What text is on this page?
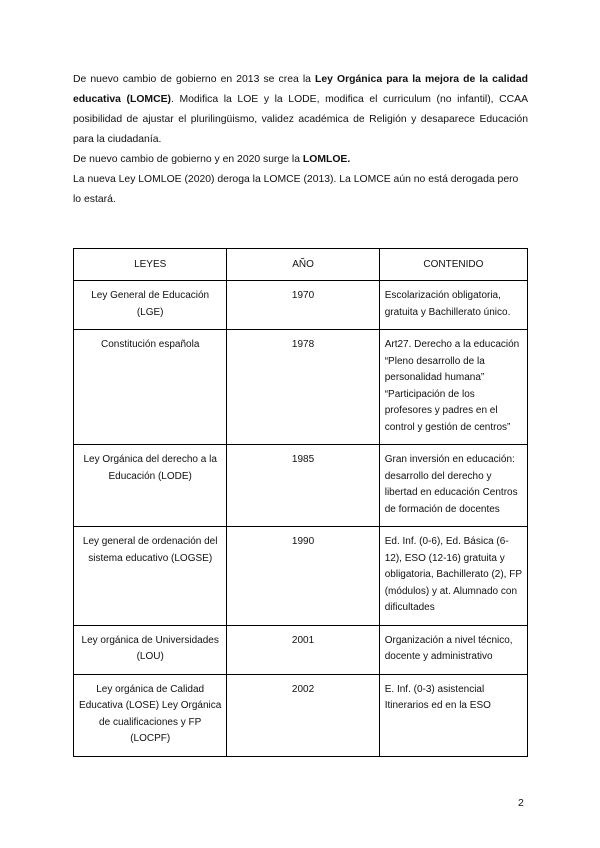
De nuevo cambio de gobierno en 2013 se crea la Ley Orgánica para la mejora de la calidad educativa (LOMCE). Modifica la LOE y la LODE, modifica el curriculum (no infantil), CCAA posibilidad de ajustar el plurilingüismo, validez académica de Religión y desaparece Educación para la ciudadanía.

De nuevo cambio de gobierno y en 2020 surge la LOMLOE.

La nueva Ley LOMLOE (2020) deroga la LOMCE (2013). La LOMCE aún no está derogada pero lo estará.

LEYES	AÑO	CONTENIDO
Ley General de Educación (LGE)	1970	Escolarización obligatoria, gratuita y Bachillerato único.
Constitución española	1978	Art27. Derecho a la educación “Pleno desarrollo de la personalidad humana” “Participación de los profesores y padres en el control y gestión de centros”
Ley Orgánica del derecho a la Educación (LODE)	1985	Gran inversión en educación: desarrollo del derecho y libertad en educación Centros de formación de docentes
Ley general de ordenación del sistema educativo (LOGSE)	1990	Ed. Inf. (0-6), Ed. Básica (6-12), ESO (12-16) gratuita y obligatoria, Bachillerato (2), FP (módulos) y at. Alumnado con dificultades
Ley orgánica de Universidades (LOU)	2001	Organización a nivel técnico, docente y administrativo
Ley orgánica de Calidad Educativa (LOSE) Ley Orgánica de cualificaciones y FP (LOCPF)	2002	E. Inf. (0-3) asistencial Itinerarios ed en la ESO
2
